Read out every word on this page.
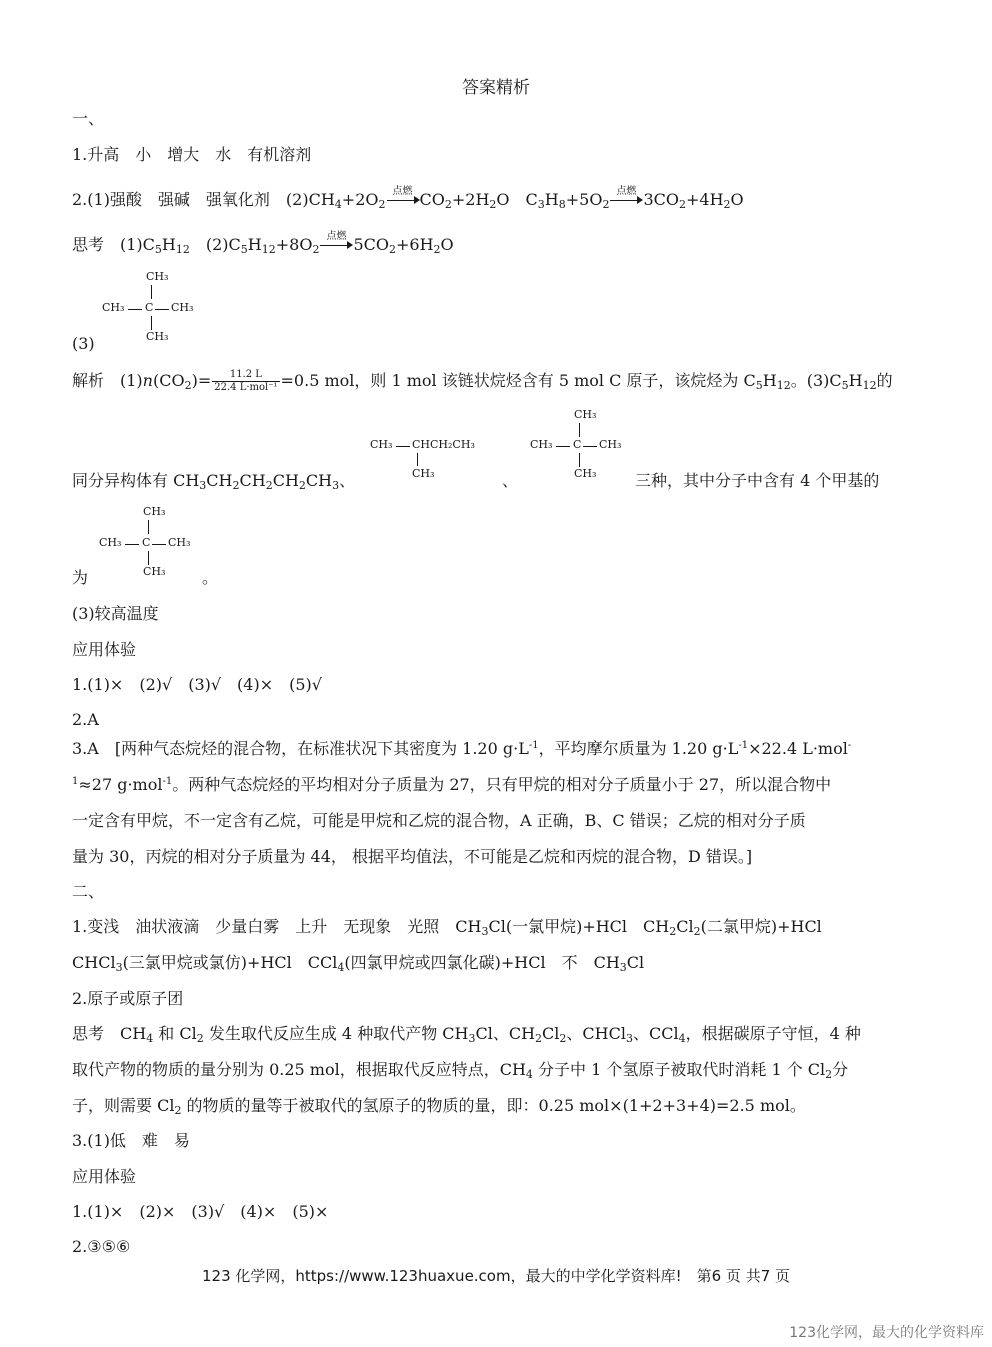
答案精析
一、
1.升高　小　增大　水　有机溶剂
2.(1)强酸　强碱　强氧化剂　$(2)CH_4+2O_2$
点燃 $CO_2+2H_2O$　$C_3H_8+5O_2$
点燃 $3CO_2+4H_2O$
思考　$(1)C_5H_{12}$　$(2)C_5H_{12}+8O_2$
点燃 $5CO_2+6H_2O$
CH₃
CH₃ C CH₃
CH₃
(3)
解析　$(1)n(CO_2)= \frac{11.2 L}{\text{22.4 L·mol⁻¹}} =0.5$ mol，则 1 mol 该链状烷烃含有 5 mol C 原子，该烷烃为 $C_5H_{12}$。$(3)C_5H_{12}$的
CH₃ CHCH₂CH₃
CH₃
CH₃
CH₃ C CH₃
CH₃
同分异构体有 $CH_3CH_2CH_2CH_2CH_3$、	、	三种，其中分子中含有 4 个甲基的
CH₃
CH₃ C CH₃
CH₃
为	。
(3)较高温度
应用体验
1.(1)×　(2)√　(3)√　(4)×　(5)√
2.A
3.A　[两种气态烷烃的混合物，在标准状况下其密度为 1.20 $g\cdot L^{-1}$，平均摩尔质量为 1.20 $g\cdot L^{-1}\times 22.4$ L·mol-
$^1$≈27 g·mol$^{-1}$。两种气态烷烃的平均相对分子质量为 27，只有甲烷的相对分子质量小于 27，所以混合物中
一定含有甲烷，不一定含有乙烷，可能是甲烷和乙烷的混合物，A 正确，B、C 错误；乙烷的相对分子质
量为 30，丙烷的相对分子质量为 44， 根据平均值法，不可能是乙烷和丙烷的混合物，D 错误。]
二、
1.变浅　油状液滴　少量白雾　上升　无现象　光照　$CH_3Cl$(一氯甲烷)+HCl　$CH_2Cl_2$(二氯甲烷)+HCl
CHCl$_3$(三氯甲烷或氯仿)+HCl　CCl$_4$(四氯甲烷或四氯化碳)+HCl　不　$CH_3Cl$
2.原子或原子团
思考　$CH_4$ 和 $Cl_2$ 发生取代反应生成 4 种取代产物 $CH_3Cl$、$CH_2Cl_2$、CHCl$_3$、CCl$_4$，根据碳原子守恒，4 种
取代产物的物质的量分别为 0.25 mol，根据取代反应特点，$CH_4$ 分子中 1 个氢原子被取代时消耗 1 个 $Cl_2$分
子，则需要 $Cl_2$ 的物质的量等于被取代的氢原子的物质的量，即：0.25 mol×(1+2+3+4)=2.5 mol。
3.(1)低　难　易
应用体验
1.(1)×　(2)×　(3)√　(4)×　(5)×
2.③⑤⑥
123 化学网，https://www.123huaxue.com，最大的中学化学资料库!　第6 页 共7 页
123化学网，最大的化学资料库
